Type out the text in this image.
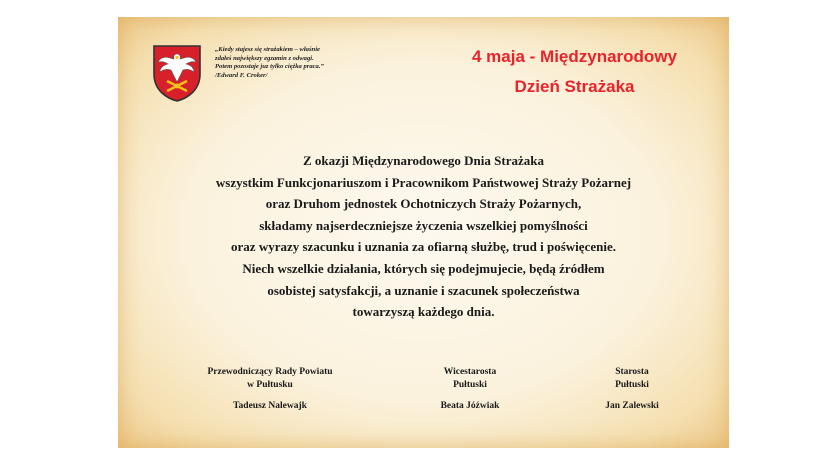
„Kiedy stajesz się strażakiem – właśnie
zdałeś największy egzamin z odwagi.
Potem pozostaje juz tylko ciężka praca.”
/Edward F. Croker/
4 maja - Międzynarodowy
Dzień Strażaka
Z okazji Międzynarodowego Dnia Strażaka
wszystkim Funkcjonariuszom i Pracownikom Państwowej Straży Pożarnej
oraz Druhom jednostek Ochotniczych Straży Pożarnych,
składamy najserdeczniejsze życzenia wszelkiej pomyślności
oraz wyrazy szacunku i uznania za ofiarną służbę, trud i poświęcenie.
Niech wszelkie działania, których się podejmujecie, będą źródłem
osobistej satysfakcji, a uznanie i szacunek społeczeństwa
towarzyszą każdego dnia.
Przewodniczący Rady Powiatu
w Pułtusku
Tadeusz Nalewajk
Wicestarosta
Pułtuski
Beata Jóźwiak
Starosta
Pułtuski
Jan Zalewski
